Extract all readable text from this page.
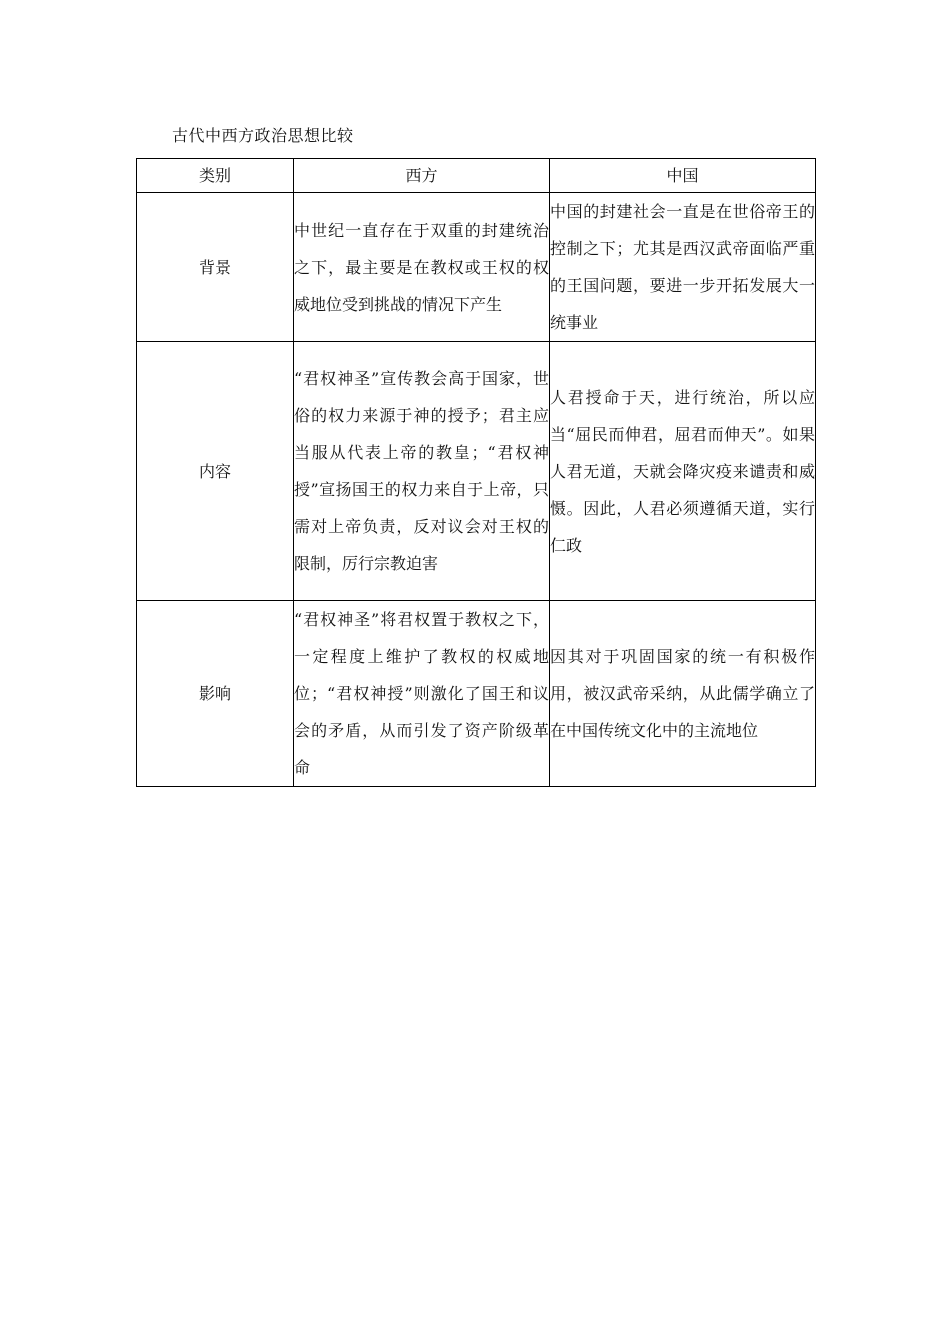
古代中西方政治思想比较
类别	西方	中国
背景	中世纪一直存在于双重的封建统治之下，最主要是在教权或王权的权威地位受到挑战的情况下产生	中国的封建社会一直是在世俗帝王的控制之下；尤其是西汉武帝面临严重的王国问题，要进一步开拓发展大一统事业
内容	“君权神圣”宣传教会高于国家，世俗的权力来源于神的授予；君主应当服从代表上帝的教皇；“君权神授”宣扬国王的权力来自于上帝，只需对上帝负责，反对议会对王权的限制，厉行宗教迫害	人君授命于天，进行统治，所以应当“屈民而伸君，屈君而伸天”。如果人君无道，天就会降灾疫来谴责和威慑。因此，人君必须遵循天道，实行仁政
影响	“君权神圣”将君权置于教权之下，一定程度上维护了教权的权威地位；“君权神授”则激化了国王和议会的矛盾，从而引发了资产阶级革命	因其对于巩固国家的统一有积极作用，被汉武帝采纳，从此儒学确立了在中国传统文化中的主流地位
